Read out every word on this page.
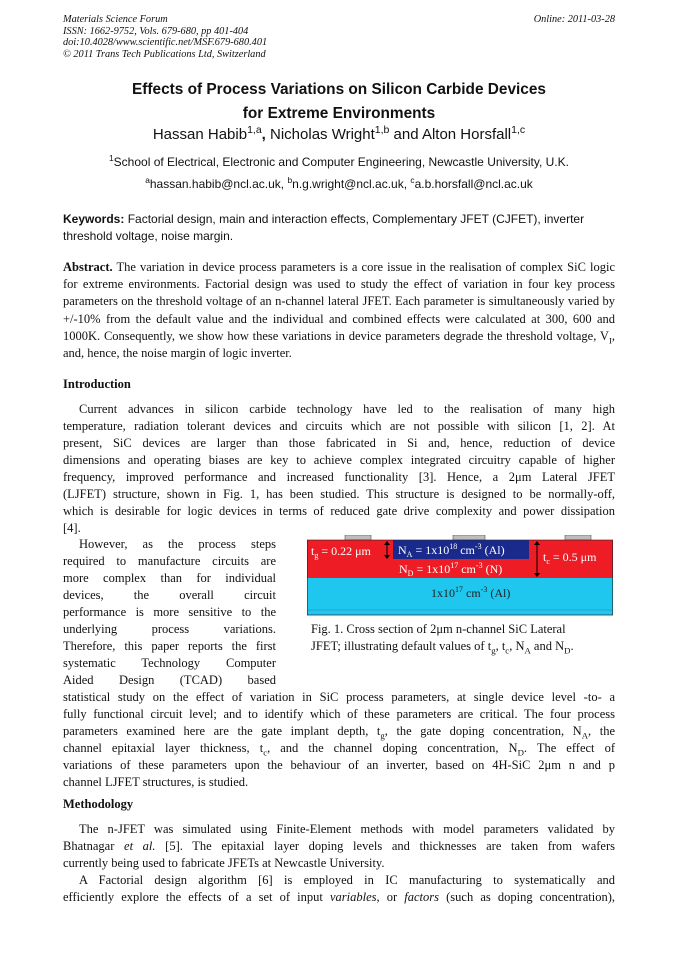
Materials Science Forum
ISSN: 1662-9752, Vols. 679-680, pp 401-404
doi:10.4028/www.scientific.net/MSF.679-680.401
© 2011 Trans Tech Publications Ltd, Switzerland
Online: 2011-03-28
Effects of Process Variations on Silicon Carbide Devices
for Extreme Environments
Hassan Habib$^{1,a}$, Nicholas Wright$^{1,b}$ and Alton Horsfall$^{1,c}$
$^1$School of Electrical, Electronic and Computer Engineering, Newcastle University, U.K.
$^a$hassan.habib@ncl.ac.uk, $^b$n.g.wright@ncl.ac.uk, $^c$a.b.horsfall@ncl.ac.uk
Keywords: Factorial design, main and interaction effects, Complementary JFET (CJFET), inverter threshold voltage, noise margin.
Abstract. The variation in device process parameters is a core issue in the realisation of complex SiC logic for extreme environments. Factorial design was used to study the effect of variation in four key process parameters on the threshold voltage of an n-channel lateral JFET. Each parameter is simultaneously varied by +/-10% from the default value and the individual and combined effects were calculated at 300, 600 and 1000K. Consequently, we show how these variations in device parameters degrade the threshold voltage, $V_I$, and, hence, the noise margin of logic inverter.
Introduction
Current advances in silicon carbide technology have led to the realisation of many high
temperature, radiation tolerant devices and circuits which are not possible with silicon [1, 2]. At
present, SiC devices are larger than those fabricated in Si and, hence, reduction of device
dimensions and operating biases are key to achieve complex integrated circuitry capable of higher
frequency, improved performance and increased functionality [3]. Hence, a 2μm Lateral JFET
(LJFET) structure, shown in Fig. 1, has been studied. This structure is designed to be normally-off,
which is desirable for logic devices in terms of reduced gate drive complexity and power dissipation
[4].
However, as the process steps
required to manufacture circuits are
more complex than for individual
devices, the overall circuit
performance is more sensitive to the
underlying process variations.
Therefore, this paper reports the first
systematic Technology Computer
Aided Design (TCAD) based
statistical study on the effect of variation in SiC process parameters, at single device level -to- a
fully functional circuit level; and to identify which of these parameters are critical. The four process
parameters examined here are the gate implant depth, $t_g$, the gate doping concentration, $N_A$, the
channel epitaxial layer thickness, $t_c$, and the channel doping concentration, $N_D$. The effect of
variations of these parameters upon the behaviour of an inverter, based on 4H-SiC 2μm n and p
channel LJFET structures, is studied.
$t_g = 0.22$ μm $N_A = 1x10^{18}$ $cm^{-3}$ (Al)
$N_D = 1x10^{17}$ $cm^{-3}$ (N)
$t_c = 0.5$ μm
$1x10^{17}$ $cm^{-3}$ (Al)
Fig. 1. Cross section of 2μm n-channel SiC Lateral
JFET; illustrating default values of $t_g$, $t_c$, $N_A$ and $N_D$.
Methodology
The n-JFET was simulated using Finite-Element methods with model parameters validated by
Bhatnagar et al. [5]. The epitaxial layer doping levels and thicknesses are taken from wafers
currently being used to fabricate JFETs at Newcastle University.
A Factorial design algorithm [6] is employed in IC manufacturing to systematically and
efficiently explore the effects of a set of input variables, or factors (such as doping concentration),
